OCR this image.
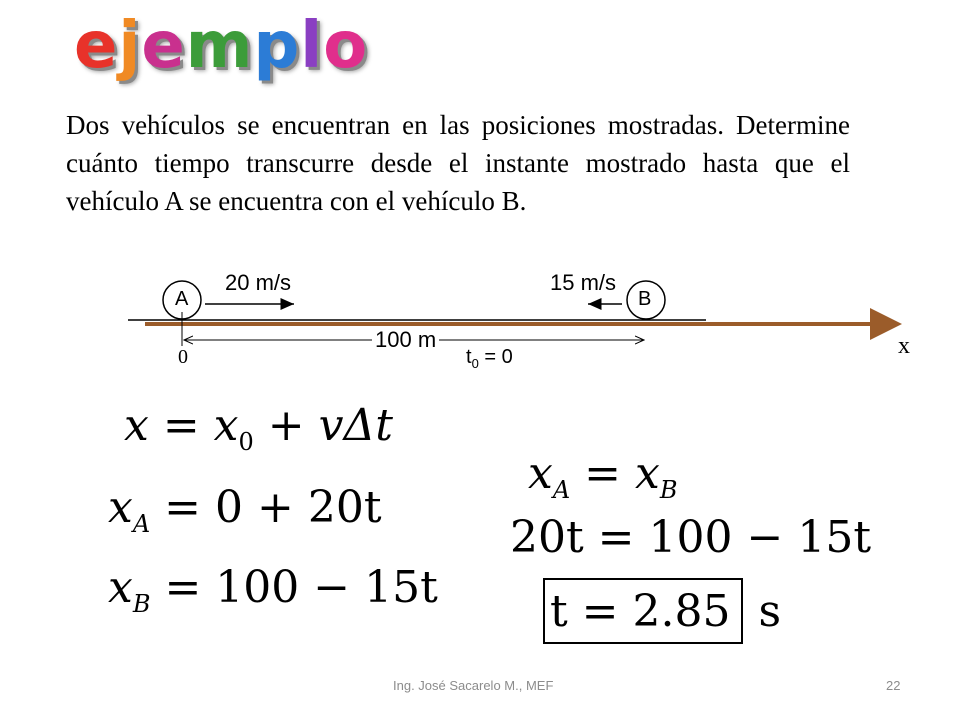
ejemplo
Dos vehículos se encuentran en las posiciones mostradas. Determine cuánto tiempo transcurre desde el instante mostrado hasta que el vehículo A se encuentra con el vehículo B.
A	B
20 m/s	15 m/s
100 m
0	$t_0 = 0$	x
$x = x_0 + v\Delta t$
$x_A = 0 + 20t$
$x_B = 100 - 15t$
$x_A = x_B$
20t = 100 − 15t
t = 2.85  s
Ing. José Sacarelo M., MEF	22
